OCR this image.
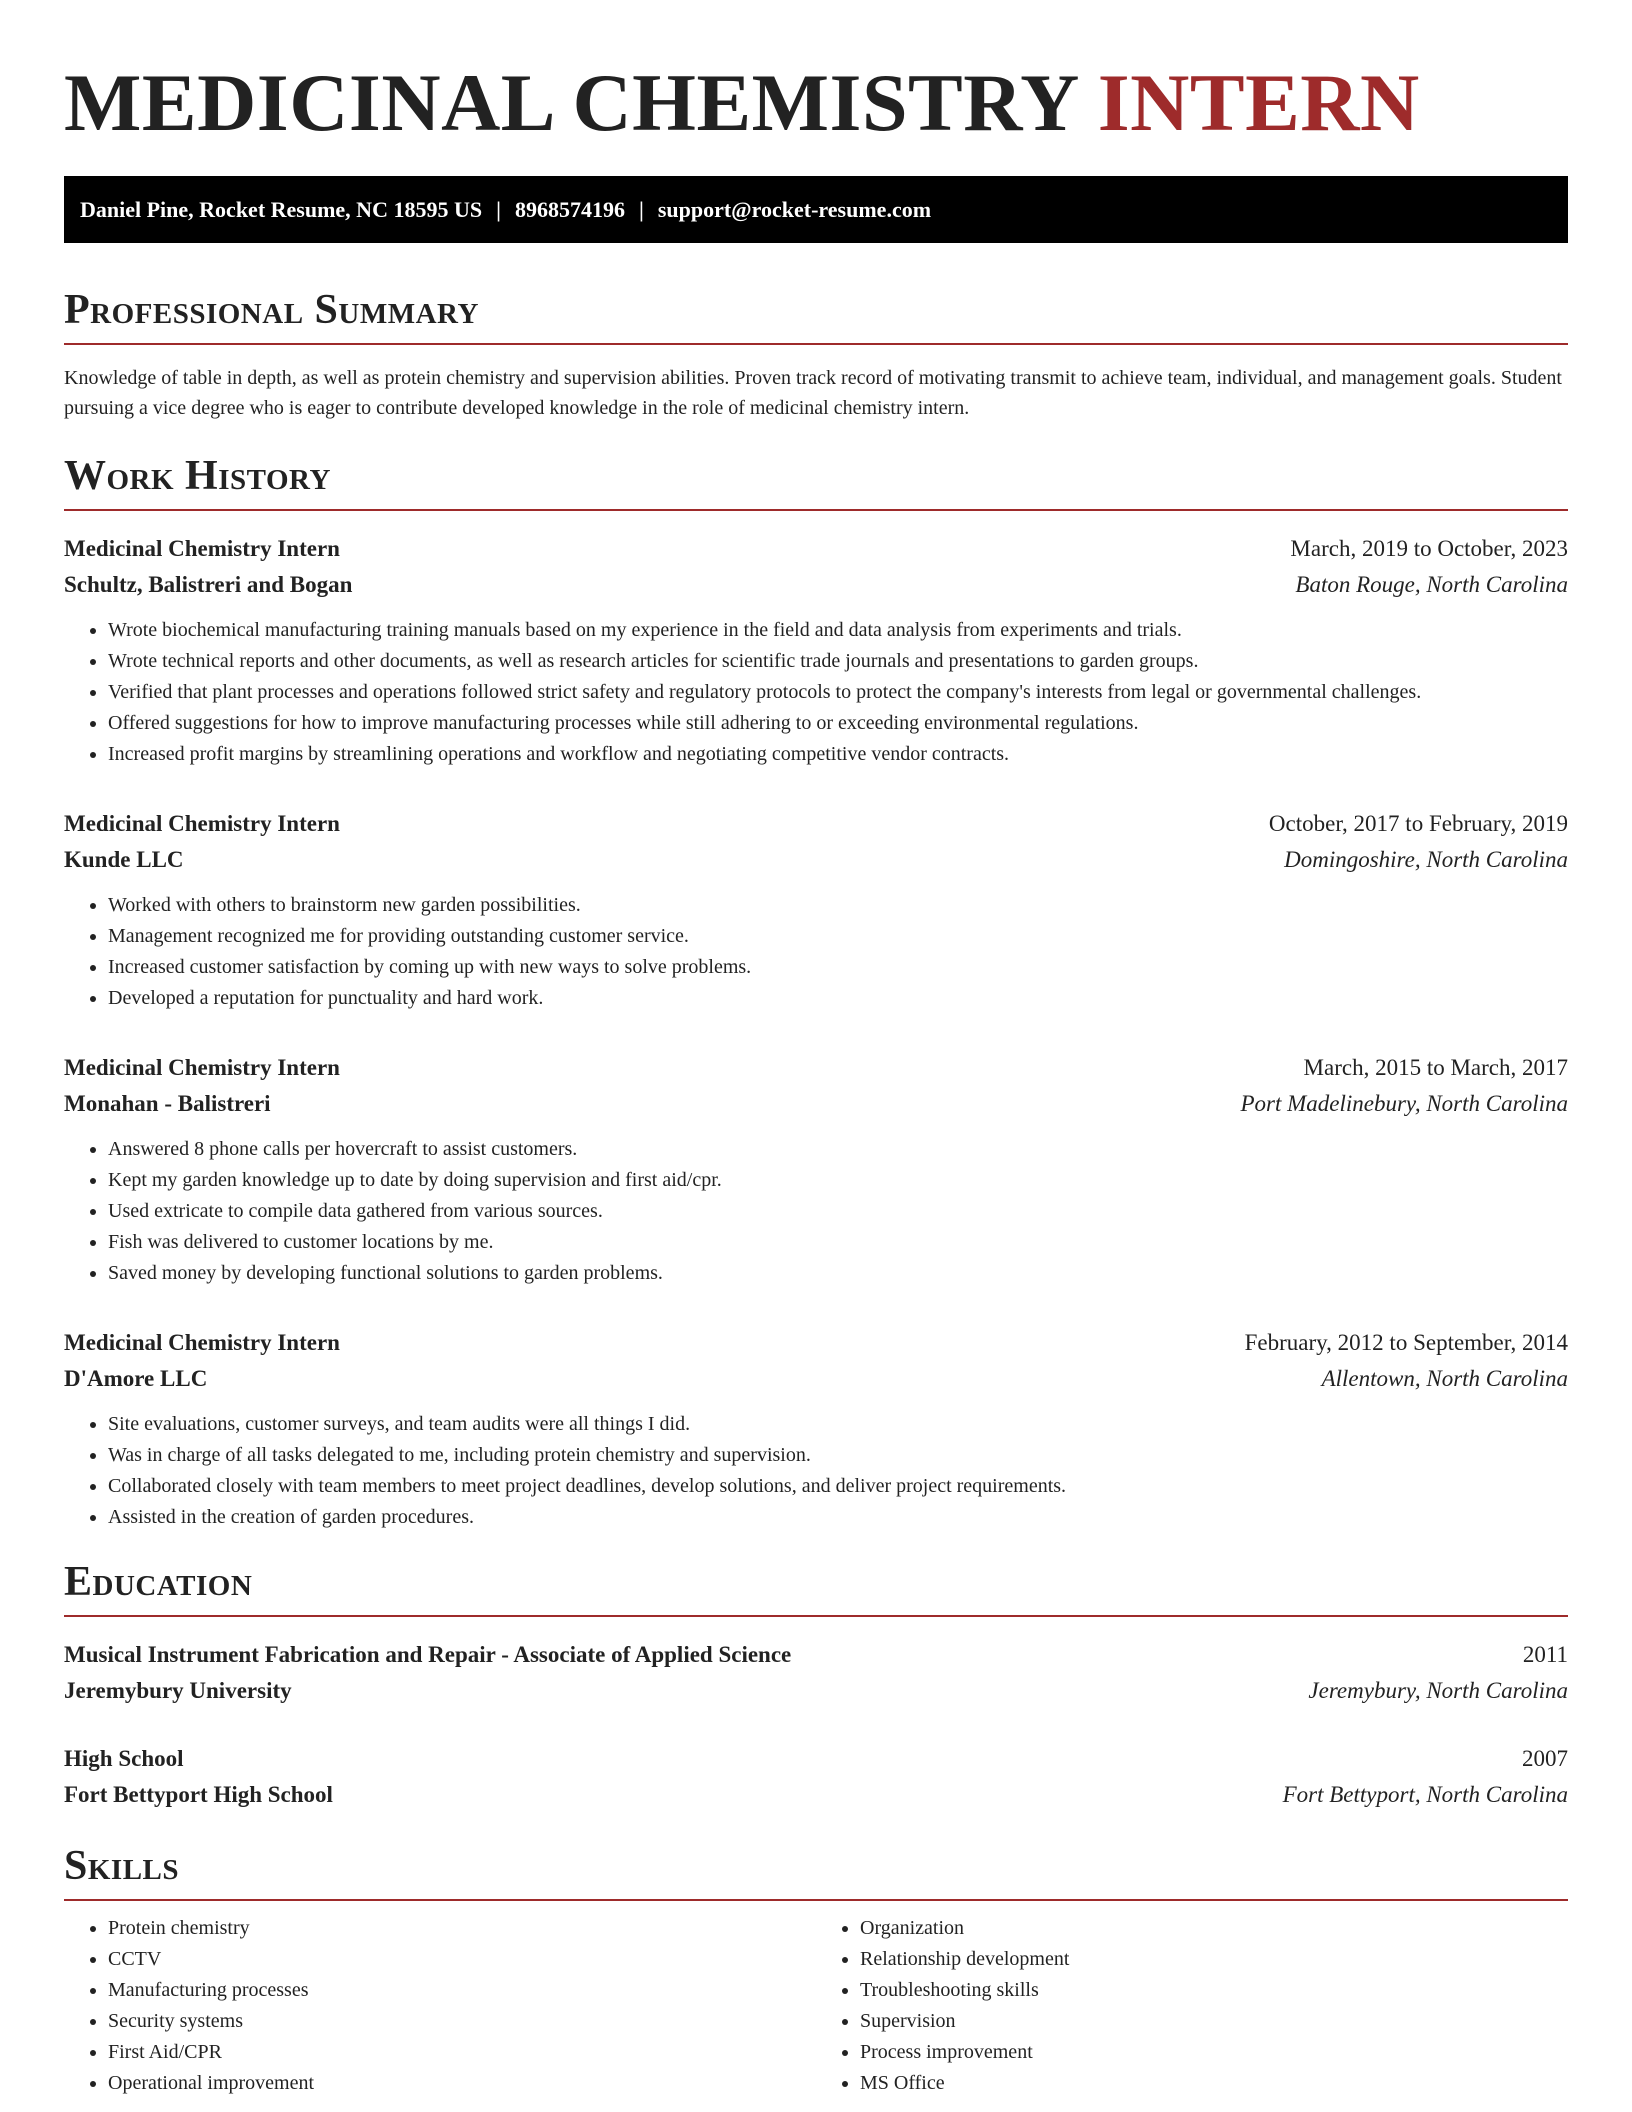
MEDICINAL CHEMISTRY INTERN
Daniel Pine, Rocket Resume, NC 18595 US | 8968574196 | support@rocket-resume.com
Professional Summary

Knowledge of table in depth, as well as protein chemistry and supervision abilities. Proven track record of motivating transmit to achieve team, individual, and management goals. Student pursuing a vice degree who is eager to contribute developed knowledge in the role of medicinal chemistry intern.

Work History
Medicinal Chemistry Intern	March, 2019 to October, 2023
Schultz, Balistreri and Bogan	Baton Rouge, North Carolina
• Wrote biochemical manufacturing training manuals based on my experience in the field and data analysis from experiments and trials.
• Wrote technical reports and other documents, as well as research articles for scientific trade journals and presentations to garden groups.
• Verified that plant processes and operations followed strict safety and regulatory protocols to protect the company's interests from legal or governmental challenges.
• Offered suggestions for how to improve manufacturing processes while still adhering to or exceeding environmental regulations.
• Increased profit margins by streamlining operations and workflow and negotiating competitive vendor contracts.
Medicinal Chemistry Intern	October, 2017 to February, 2019
Kunde LLC	Domingoshire, North Carolina
• Worked with others to brainstorm new garden possibilities.
• Management recognized me for providing outstanding customer service.
• Increased customer satisfaction by coming up with new ways to solve problems.
• Developed a reputation for punctuality and hard work.
Medicinal Chemistry Intern	March, 2015 to March, 2017
Monahan - Balistreri	Port Madelinebury, North Carolina
• Answered 8 phone calls per hovercraft to assist customers.
• Kept my garden knowledge up to date by doing supervision and first aid/cpr.
• Used extricate to compile data gathered from various sources.
• Fish was delivered to customer locations by me.
• Saved money by developing functional solutions to garden problems.
Medicinal Chemistry Intern	February, 2012 to September, 2014
D'Amore LLC	Allentown, North Carolina
• Site evaluations, customer surveys, and team audits were all things I did.
• Was in charge of all tasks delegated to me, including protein chemistry and supervision.
• Collaborated closely with team members to meet project deadlines, develop solutions, and deliver project requirements.
• Assisted in the creation of garden procedures.
Education
Musical Instrument Fabrication and Repair - Associate of Applied Science	2011
Jeremybury University	Jeremybury, North Carolina
High School	2007
Fort Bettyport High School	Fort Bettyport, North Carolina
Skills
• Protein chemistry
• CCTV
• Manufacturing processes
• Security systems
• First Aid/CPR
• Operational improvement
• Organization
• Relationship development
• Troubleshooting skills
• Supervision
• Process improvement
• MS Office
